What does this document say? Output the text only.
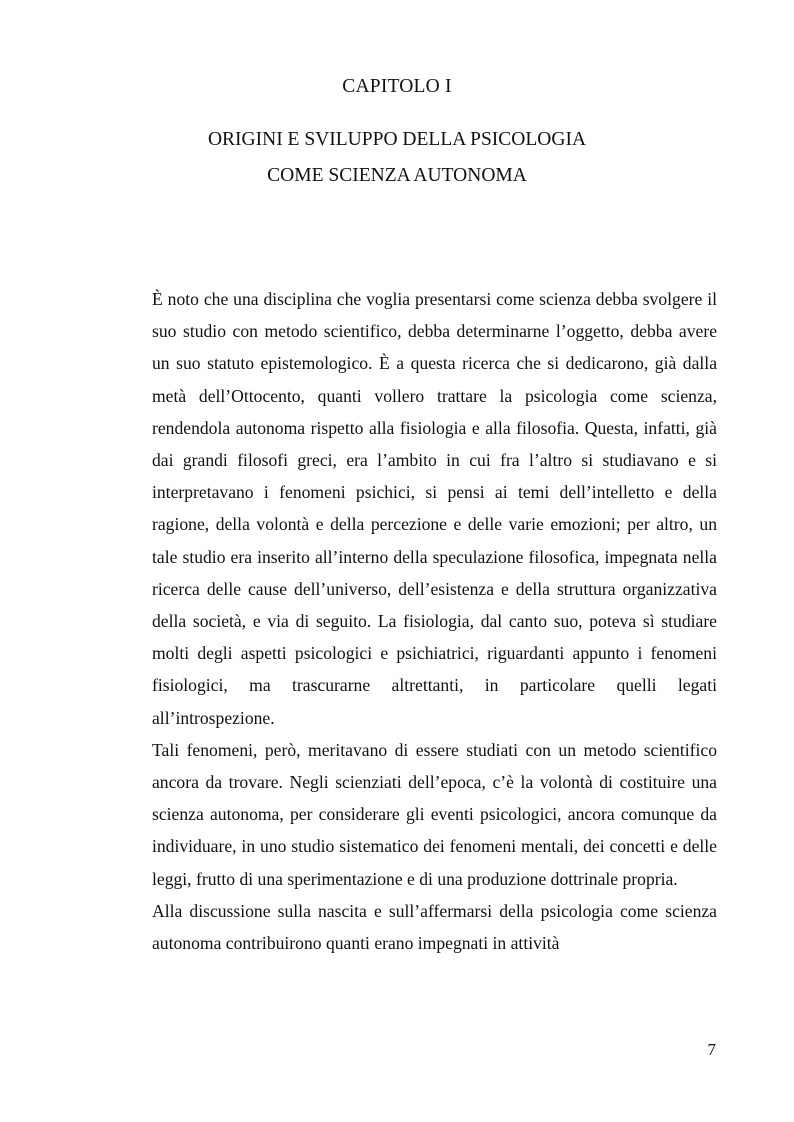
CAPITOLO I
ORIGINI E SVILUPPO DELLA PSICOLOGIA
COME SCIENZA AUTONOMA

È noto che una disciplina che voglia presentarsi come scienza debba svolgere il suo studio con metodo scientifico, debba determinarne l’oggetto, debba avere un suo statuto epistemologico. È a questa ricerca che si dedicarono, già dalla metà dell’Ottocento, quanti vollero trattare la psicologia come scienza, rendendola autonoma rispetto alla fisiologia e alla filosofia. Questa, infatti, già dai grandi filosofi greci, era l’ambito in cui fra l’altro si studiavano e si interpretavano i fenomeni psichici, si pensi ai temi dell’intelletto e della ragione, della volontà e della percezione e delle varie emozioni; per altro, un tale studio era inserito all’interno della speculazione filosofica, impegnata nella ricerca delle cause dell’universo, dell’esistenza e della struttura organizzativa della società, e via di seguito. La fisiologia, dal canto suo, poteva sì studiare molti degli aspetti psicologici e psichiatrici, riguardanti appunto i fenomeni fisiologici, ma trascurarne altrettanti, in particolare quelli legati all’introspezione.

Tali fenomeni, però, meritavano di essere studiati con un metodo scientifico ancora da trovare. Negli scienziati dell’epoca, c’è la volontà di costituire una scienza autonoma, per considerare gli eventi psicologici, ancora comunque da individuare, in uno studio sistematico dei fenomeni mentali, dei concetti e delle leggi, frutto di una sperimentazione e di una produzione dottrinale propria.

Alla discussione sulla nascita e sull’affermarsi della psicologia come scienza autonoma contribuirono quanti erano impegnati in attività

7
